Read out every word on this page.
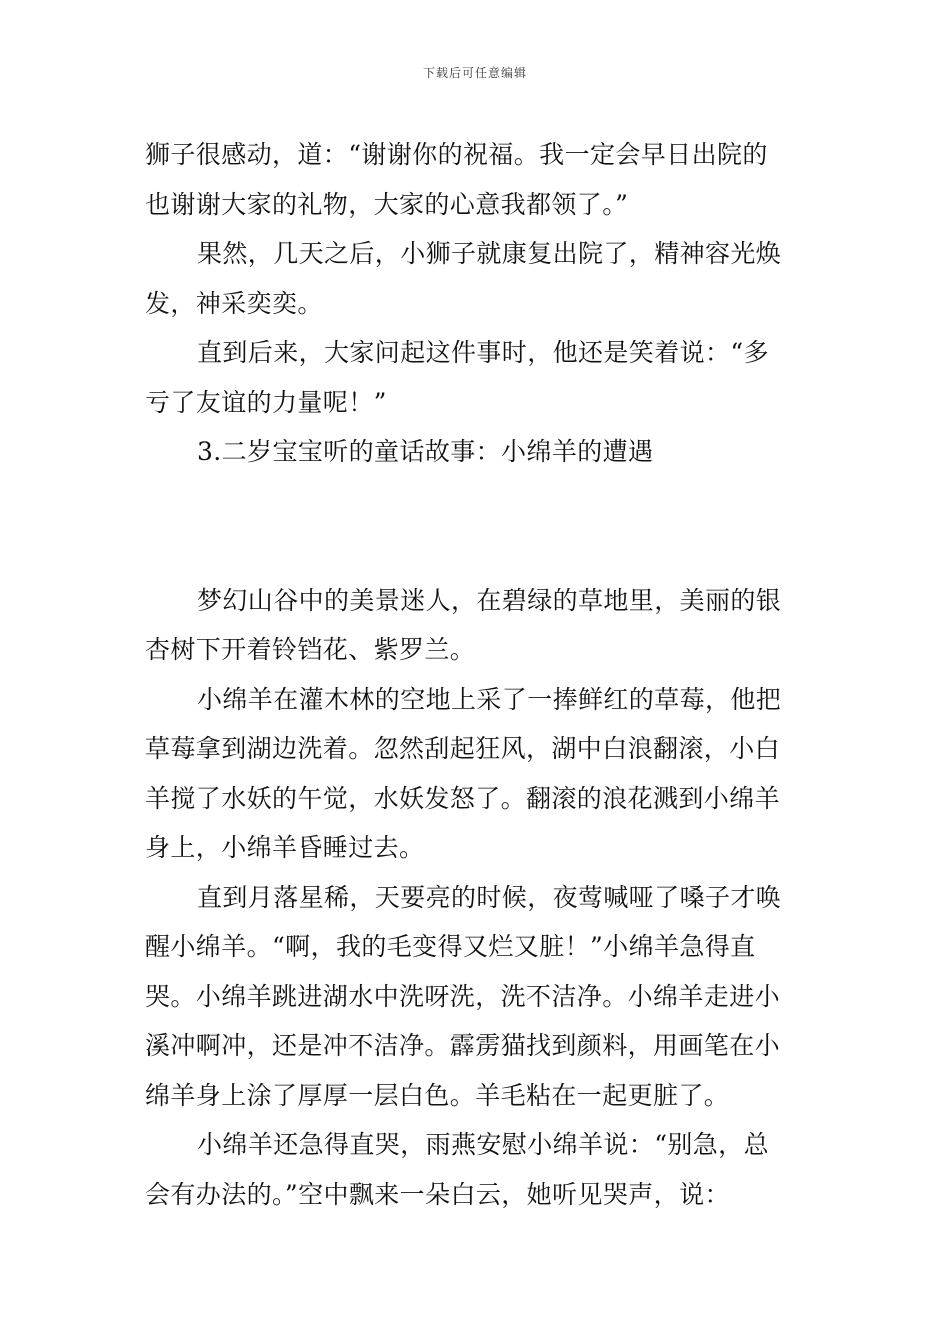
下载后可任意编辑
狮子很感动，道：“谢谢你的祝福。我一定会早日出院的
也谢谢大家的礼物，大家的心意我都领了。”
果然，几天之后，小狮子就康复出院了，精神容光焕
发，神采奕奕。
直到后来，大家问起这件事时，他还是笑着说：“多
亏了友谊的力量呢！”
3.二岁宝宝听的童话故事：小绵羊的遭遇
梦幻山谷中的美景迷人，在碧绿的草地里，美丽的银
杏树下开着铃铛花、紫罗兰。
小绵羊在灌木林的空地上采了一捧鲜红的草莓，他把
草莓拿到湖边洗着。忽然刮起狂风，湖中白浪翻滚，小白
羊搅了水妖的午觉，水妖发怒了。翻滚的浪花溅到小绵羊
身上，小绵羊昏睡过去。
直到月落星稀，天要亮的时候，夜莺喊哑了嗓子才唤
醒小绵羊。“啊，我的毛变得又烂又脏！”小绵羊急得直
哭。小绵羊跳进湖水中洗呀洗，洗不洁净。小绵羊走进小
溪冲啊冲，还是冲不洁净。霹雳猫找到颜料，用画笔在小
绵羊身上涂了厚厚一层白色。羊毛粘在一起更脏了。
小绵羊还急得直哭，雨燕安慰小绵羊说：“别急，总
会有办法的。”空中飘来一朵白云，她听见哭声，说：
